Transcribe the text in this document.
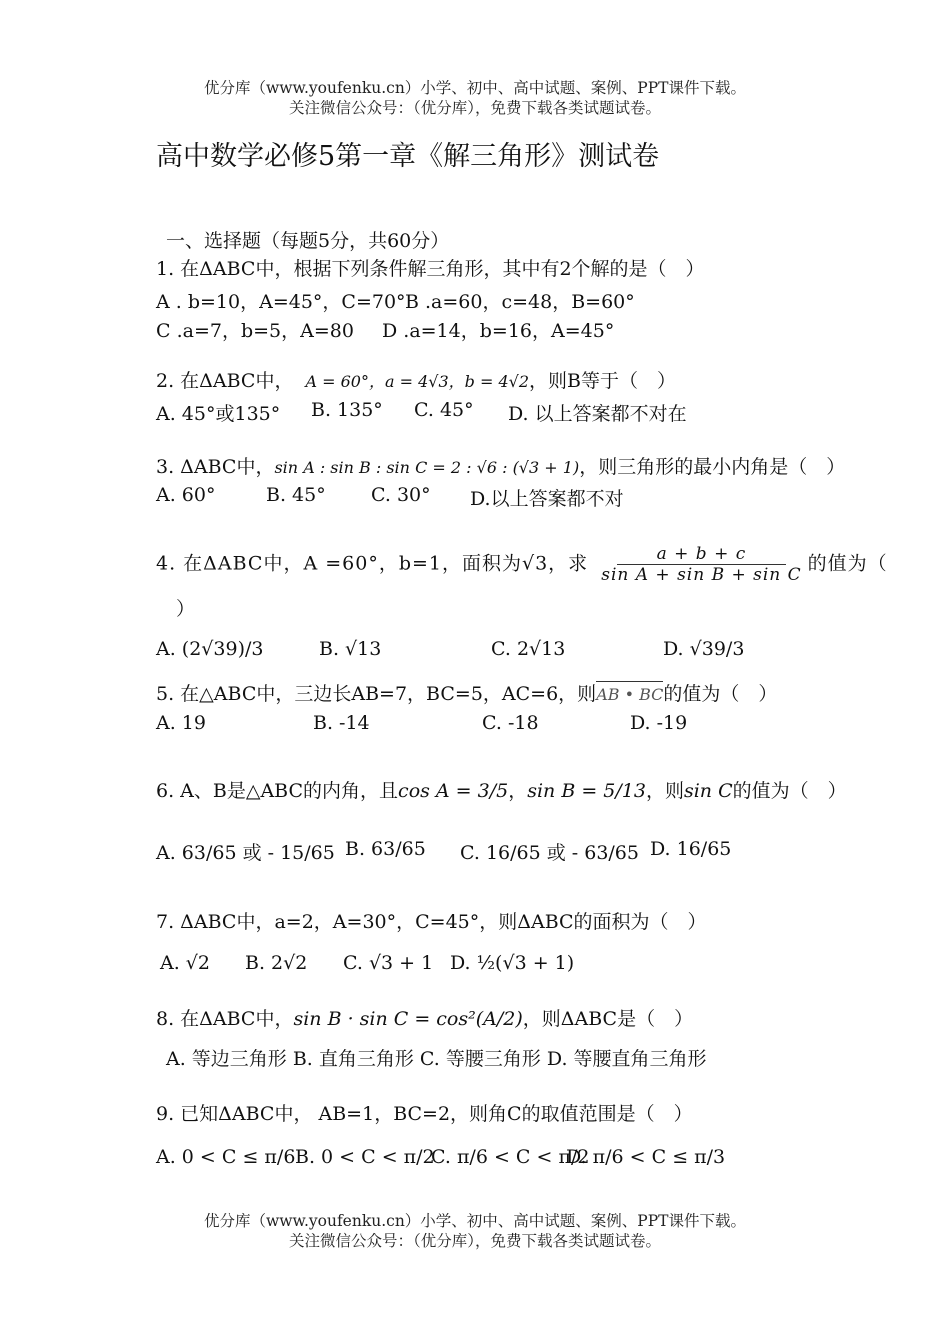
优分库（www.youfenku.cn）小学、初中、高中试题、案例、PPT课件下载。
关注微信公众号：（优分库），免费下载各类试题试卷。
高中数学必修5第一章《解三角形》测试卷
一、选择题（每题5分，共60分）
1. 在ΔABC中，根据下列条件解三角形，其中有2个解的是（　）
A . b=10，A=45°，C=70° B .a=60，c=48，B=60°
C .a=7，b=5，A=80 D .a=14，b=16，A=45°
2. 在ΔABC中， A = 60°，a = 4√3，b = 4√2，则B等于（　）
A. 45°或135° B. 135° C. 45° D. 以上答案都不对在
3. ΔABC中，sin A : sin B : sin C = 2 : √6 : (√3 + 1)，则三角形的最小内角是（　）
A. 60°	B. 45° C. 30° D.以上答案都不对
4. 在ΔABC中，A =60°，b=1，面积为√3，求 $\frac{a + b + c}{\text{sin A + sin B + sin C}}$ 的值为（
）
A. (2√39)/3	B. √13	C. 2√13	D. √39/3
5. 在△ABC中，三边长AB=7，BC=5，AC=6，则AB • BC的值为（　）
A. 19	B. -14	C. -18	D. -19
6. A、B是△ABC的内角，且cos A = 3/5，sin B = 5/13，则sin C的值为（　）
A. 63/65 或 - 15/65 B. 63/65 C. 16/65 或 - 63/65 D. 16/65
7. ΔABC中，a=2，A=30°，C=45°，则ΔABC的面积为（　）
A. √2 B. 2√2 C. √3 + 1 D. ½(√3 + 1)
8. 在ΔABC中，sin B · sin C = cos²(A/2)，则ΔABC是（　）
A. 等边三角形 B. 直角三角形 C. 等腰三角形 D. 等腰直角三角形
9. 已知ΔABC中， AB=1，BC=2，则角C的取值范围是（　）
A. 0 < C ≤ π/6 B. 0 < C < π/2
C. π/6 < C < π/2
D. π/6 < C ≤ π/3
优分库（www.youfenku.cn）小学、初中、高中试题、案例、PPT课件下载。
关注微信公众号：（优分库），免费下载各类试题试卷。
